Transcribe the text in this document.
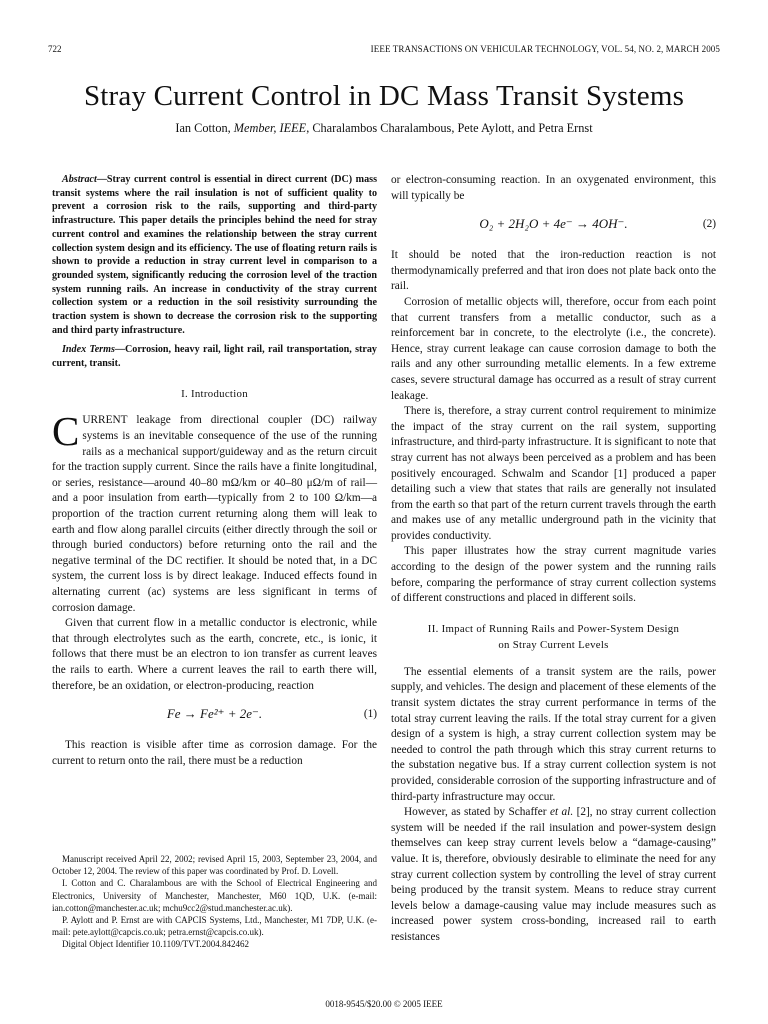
722	IEEE TRANSACTIONS ON VEHICULAR TECHNOLOGY, VOL. 54, NO. 2, MARCH 2005
Stray Current Control in DC Mass Transit Systems
Ian Cotton, Member, IEEE, Charalambos Charalambous, Pete Aylott, and Petra Ernst

Abstract—Stray current control is essential in direct current (DC) mass transit systems where the rail insulation is not of sufficient quality to prevent a corrosion risk to the rails, supporting and third-party infrastructure. This paper details the principles behind the need for stray current control and examines the relationship between the stray current collection system design and its efficiency. The use of floating return rails is shown to provide a reduction in stray current level in comparison to a grounded system, significantly reducing the corrosion level of the traction system running rails. An increase in conductivity of the stray current collection system or a reduction in the soil resistivity surrounding the traction system is shown to decrease the corrosion risk to the supporting and third party infrastructure.

Index Terms—Corrosion, heavy rail, light rail, rail transportation, stray current, transit.

I. Introduction

CURRENT leakage from directional coupler (DC) railway systems is an inevitable consequence of the use of the running rails as a mechanical support/guideway and as the return circuit for the traction supply current. Since the rails have a finite longitudinal, or series, resistance—around 40–80 mΩ/km or 40–80 μΩ/m of rail—and a poor insulation from earth—typically from 2 to 100 Ω/km—a proportion of the traction current returning along them will leak to earth and flow along parallel circuits (either directly through the soil or through buried conductors) before returning onto the rail and the negative terminal of the DC rectifier. It should be noted that, in a DC system, the current loss is by direct leakage. Induced effects found in alternating current (ac) systems are less significant in terms of corrosion damage.

Given that current flow in a metallic conductor is electronic, while that through electrolytes such as the earth, concrete, etc., is ionic, it follows that there must be an electron to ion transfer as current leaves the rails to earth. Where a current leaves the rail to earth there will, therefore, be an oxidation, or electron-producing, reaction

Fe → Fe²⁺ + 2e⁻.	(1)

This reaction is visible after time as corrosion damage. For the current to return onto the rail, there must be a reduction

Manuscript received April 22, 2002; revised April 15, 2003, September 23, 2004, and October 12, 2004. The review of this paper was coordinated by Prof. D. Lovell.

I. Cotton and C. Charalambous are with the School of Electrical Engineering and Electronics, University of Manchester, Manchester, M60 1QD, U.K. (e-mail: ian.cotton@manchester.ac.uk; mchu9cc2@stud.manchester.ac.uk).

P. Aylott and P. Ernst are with CAPCIS Systems, Ltd., Manchester, M1 7DP, U.K. (e-mail: pete.aylott@capcis.co.uk; petra.ernst@capcis.co.uk).

Digital Object Identifier 10.1109/TVT.2004.842462

or electron-consuming reaction. In an oxygenated environment, this will typically be

O₂ + 2H₂O + 4e⁻ → 4OH⁻.	(2)

It should be noted that the iron-reduction reaction is not thermodynamically preferred and that iron does not plate back onto the rail.

Corrosion of metallic objects will, therefore, occur from each point that current transfers from a metallic conductor, such as a reinforcement bar in concrete, to the electrolyte (i.e., the concrete). Hence, stray current leakage can cause corrosion damage to both the rails and any other surrounding metallic elements. In a few extreme cases, severe structural damage has occurred as a result of stray current leakage.

There is, therefore, a stray current control requirement to minimize the impact of the stray current on the rail system, supporting infrastructure, and third-party infrastructure. It is significant to note that stray current has not always been perceived as a problem and has been positively encouraged. Schwalm and Scandor [1] produced a paper detailing such a view that states that rails are generally not insulated from the earth so that part of the return current travels through the earth and makes use of any metallic underground path in the vicinity that provides conductivity.

This paper illustrates how the stray current magnitude varies according to the design of the power system and the running rails before, comparing the performance of stray current collection systems of different constructions and placed in different soils.

II. Impact of Running Rails and Power-System Design
on Stray Current Levels

The essential elements of a transit system are the rails, power supply, and vehicles. The design and placement of these elements of the transit system dictates the stray current performance in terms of the total stray current leaving the rails. If the total stray current for a given design of a system is high, a stray current collection system may be needed to control the path through which this stray current returns to the substation negative bus. If a stray current collection system is not provided, considerable corrosion of the supporting infrastructure and of third-party infrastructure may occur.

However, as stated by Schaffer et al. [2], no stray current collection system will be needed if the rail insulation and power-system design themselves can keep stray current levels below a “damage-causing” value. It is, therefore, obviously desirable to eliminate the need for any stray current collection system by controlling the level of stray current being produced by the transit system. Means to reduce stray current levels below a damage-causing value may include measures such as increased power system cross-bonding, increased rail to earth resistances

0018-9545/$20.00 © 2005 IEEE
